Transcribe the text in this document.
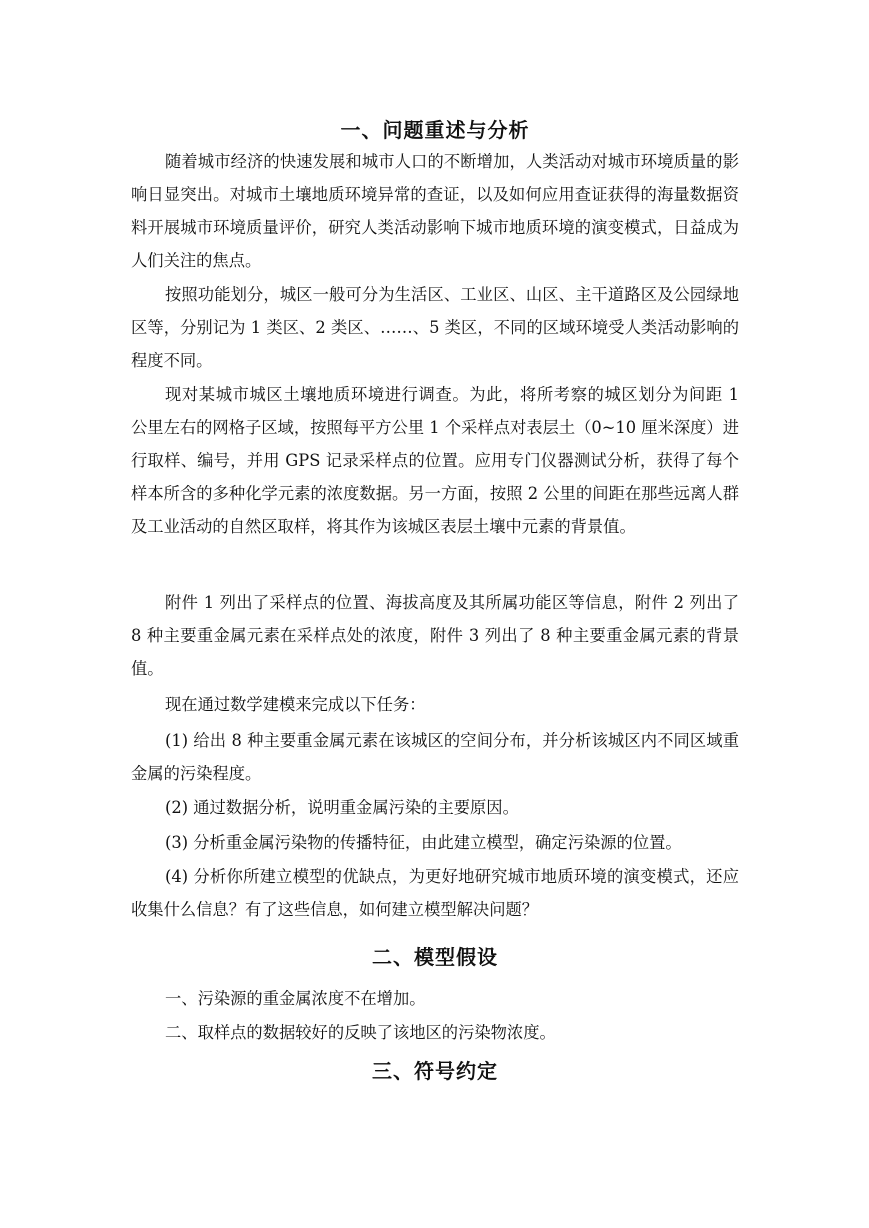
一、问题重述与分析

随着城市经济的快速发展和城市人口的不断增加，人类活动对城市环境质量的影响日显突出。对城市土壤地质环境异常的查证，以及如何应用查证获得的海量数据资料开展城市环境质量评价，研究人类活动影响下城市地质环境的演变模式，日益成为人们关注的焦点。

按照功能划分，城区一般可分为生活区、工业区、山区、主干道路区及公园绿地区等，分别记为 1 类区、2 类区、……、5 类区，不同的区域环境受人类活动影响的程度不同。

现对某城市城区土壤地质环境进行调查。为此，将所考察的城区划分为间距 1 公里左右的网格子区域，按照每平方公里 1 个采样点对表层土（0~10 厘米深度）进行取样、编号，并用 GPS 记录采样点的位置。应用专门仪器测试分析，获得了每个样本所含的多种化学元素的浓度数据。另一方面，按照 2 公里的间距在那些远离人群及工业活动的自然区取样，将其作为该城区表层土壤中元素的背景值。

附件 1 列出了采样点的位置、海拔高度及其所属功能区等信息，附件 2 列出了 8 种主要重金属元素在采样点处的浓度，附件 3 列出了 8 种主要重金属元素的背景值。

现在通过数学建模来完成以下任务：

(1) 给出 8 种主要重金属元素在该城区的空间分布，并分析该城区内不同区域重金属的污染程度。

(2) 通过数据分析，说明重金属污染的主要原因。

(3) 分析重金属污染物的传播特征，由此建立模型，确定污染源的位置。

(4) 分析你所建立模型的优缺点，为更好地研究城市地质环境的演变模式，还应收集什么信息？有了这些信息，如何建立模型解决问题？

二、模型假设

一、污染源的重金属浓度不在增加。

二、取样点的数据较好的反映了该地区的污染物浓度。

三、符号约定
